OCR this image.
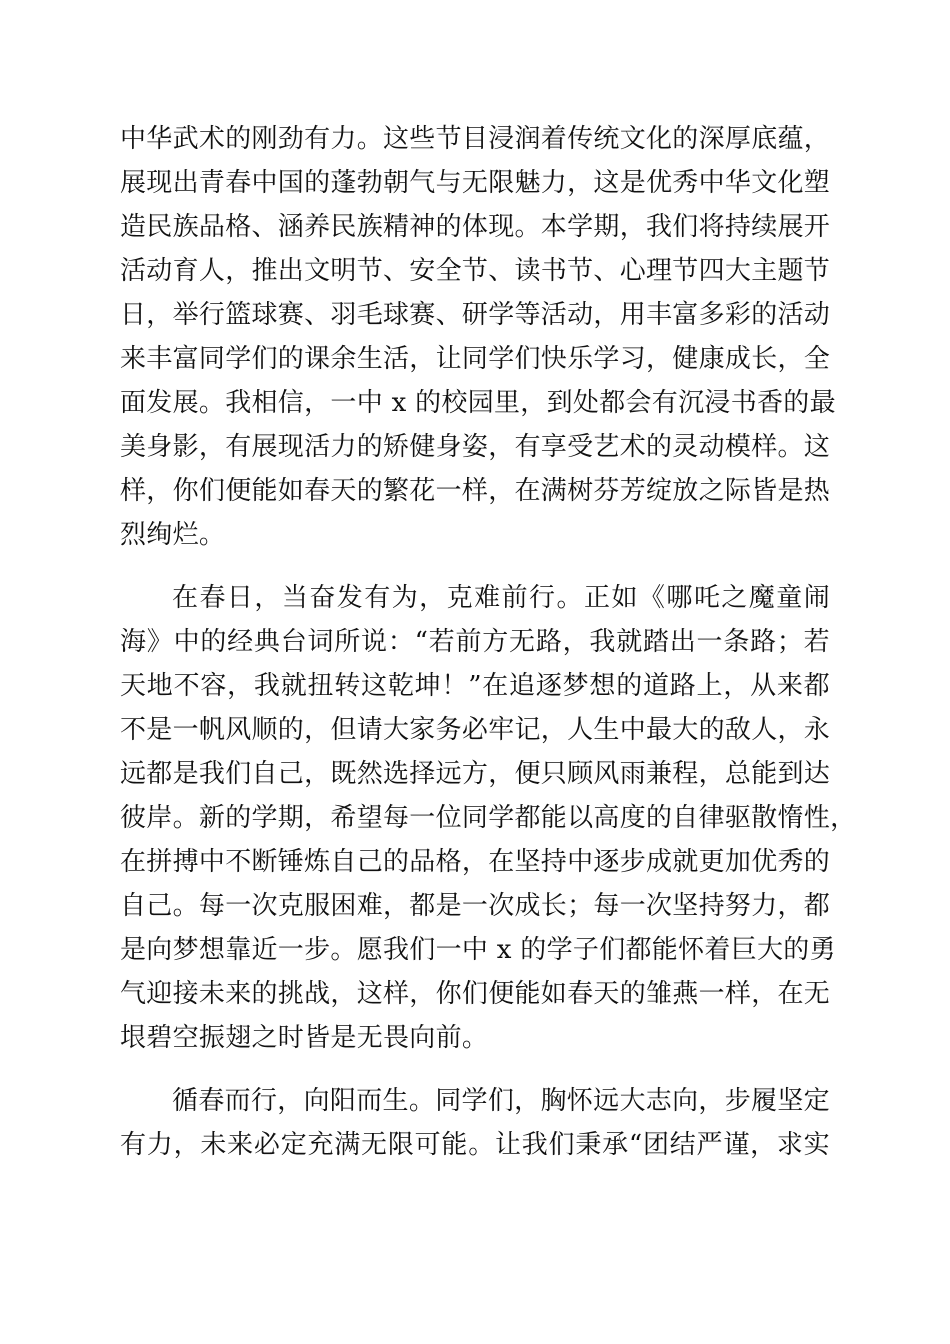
中华武术的刚劲有力。这些节目浸润着传统文化的深厚底蕴，
展现出青春中国的蓬勃朝气与无限魅力，这是优秀中华文化塑
造民族品格、涵养民族精神的体现。本学期，我们将持续展开
活动育人，推出文明节、安全节、读书节、心理节四大主题节
日，举行篮球赛、羽毛球赛、研学等活动，用丰富多彩的活动
来丰富同学们的课余生活，让同学们快乐学习，健康成长，全
面发展。我相信，一中 x 的校园里，到处都会有沉浸书香的最
美身影，有展现活力的矫健身姿，有享受艺术的灵动模样。这
样，你们便能如春天的繁花一样，在满树芬芳绽放之际皆是热
烈绚烂。
在春日，当奋发有为，克难前行。正如《哪吒之魔童闹
海》中的经典台词所说：“若前方无路，我就踏出一条路；若
天地不容，我就扭转这乾坤！”在追逐梦想的道路上，从来都
不是一帆风顺的，但请大家务必牢记，人生中最大的敌人，永
远都是我们自己，既然选择远方，便只顾风雨兼程，总能到达
彼岸。新的学期，希望每一位同学都能以高度的自律驱散惰性，
在拼搏中不断锤炼自己的品格，在坚持中逐步成就更加优秀的
自己。每一次克服困难，都是一次成长；每一次坚持努力，都
是向梦想靠近一步。愿我们一中 x 的学子们都能怀着巨大的勇
气迎接未来的挑战，这样，你们便能如春天的雏燕一样，在无
垠碧空振翅之时皆是无畏向前。
循春而行，向阳而生。同学们，胸怀远大志向，步履坚定
有力，未来必定充满无限可能。让我们秉承“团结严谨，求实
